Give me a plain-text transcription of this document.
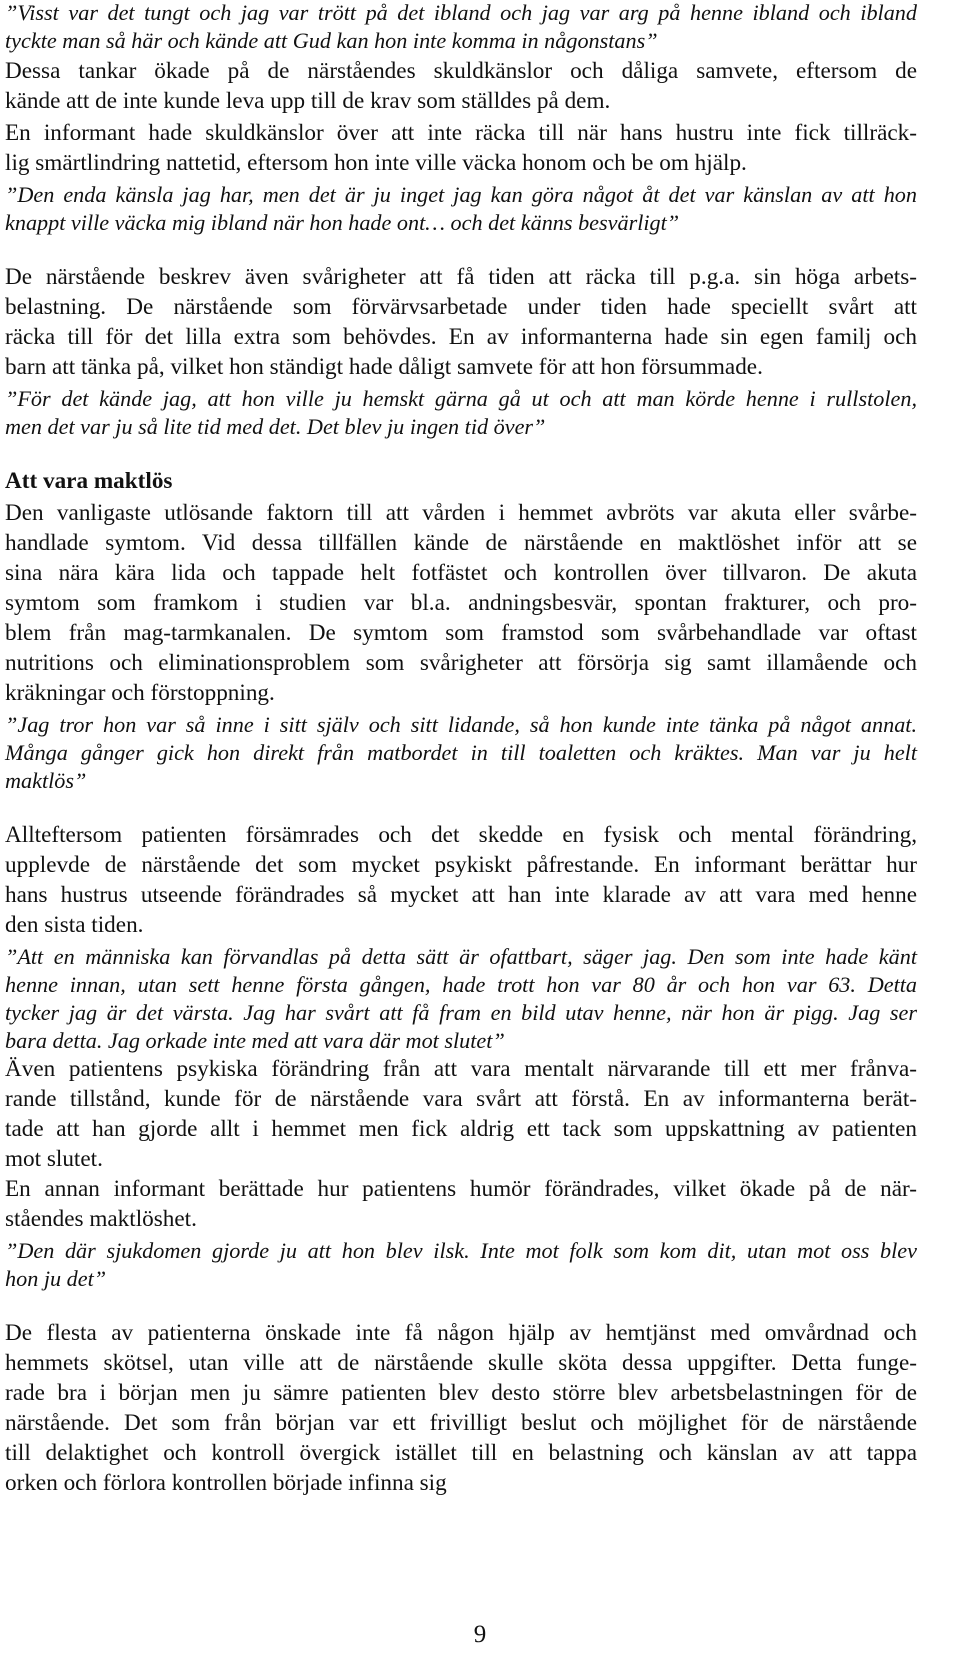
”Visst var det tungt och jag var trött på det ibland och jag var arg på henne ibland och ibland
tyckte man så här och kände att Gud kan hon inte komma in någonstans”
Dessa tankar ökade på de närståendes skuldkänslor och dåliga samvete, eftersom de
kände att de inte kunde leva upp till de krav som ställdes på dem.
En informant hade skuldkänslor över att inte räcka till när hans hustru inte fick tillräck-
lig smärtlindring nattetid, eftersom hon inte ville väcka honom och be om hjälp.
”Den enda känsla jag har, men det är ju inget jag kan göra något åt det var känslan av att hon
knappt ville väcka mig ibland när hon hade ont… och det känns besvärligt”
De närstående beskrev även svårigheter att få tiden att räcka till p.g.a. sin höga arbets-
belastning. De närstående som förvärvsarbetade under tiden hade speciellt svårt att
räcka till för det lilla extra som behövdes. En av informanterna hade sin egen familj och
barn att tänka på, vilket hon ständigt hade dåligt samvete för att hon försummade.
”För det kände jag, att hon ville ju hemskt gärna gå ut och att man körde henne i rullstolen,
men det var ju så lite tid med det. Det blev ju ingen tid över”
Att vara maktlös
Den vanligaste utlösande faktorn till att vården i hemmet avbröts var akuta eller svårbe-
handlade symtom. Vid dessa tillfällen kände de närstående en maktlöshet inför att se
sina nära kära lida och tappade helt fotfästet och kontrollen över tillvaron. De akuta
symtom som framkom i studien var bl.a. andningsbesvär, spontan frakturer, och pro-
blem från mag-tarmkanalen. De symtom som framstod som svårbehandlade var oftast
nutritions och eliminationsproblem som svårigheter att försörja sig samt illamående och
kräkningar och förstoppning.
”Jag tror hon var så inne i sitt själv och sitt lidande, så hon kunde inte tänka på något annat.
Många gånger gick hon direkt från matbordet in till toaletten och kräktes. Man var ju helt
maktlös”
Allteftersom patienten försämrades och det skedde en fysisk och mental förändring,
upplevde de närstående det som mycket psykiskt påfrestande. En informant berättar hur
hans hustrus utseende förändrades så mycket att han inte klarade av att vara med henne
den sista tiden.
”Att en människa kan förvandlas på detta sätt är ofattbart, säger jag. Den som inte hade känt
henne innan, utan sett henne första gången, hade trott hon var 80 år och hon var 63. Detta
tycker jag är det värsta. Jag har svårt att få fram en bild utav henne, när hon är pigg. Jag ser
bara detta. Jag orkade inte med att vara där mot slutet”
Även patientens psykiska förändring från att vara mentalt närvarande till ett mer frånva-
rande tillstånd, kunde för de närstående vara svårt att förstå. En av informanterna berät-
tade att han gjorde allt i hemmet men fick aldrig ett tack som uppskattning av patienten
mot slutet.
En annan informant berättade hur patientens humör förändrades, vilket ökade på de när-
ståendes maktlöshet.
”Den där sjukdomen gjorde ju att hon blev ilsk. Inte mot folk som kom dit, utan mot oss blev
hon ju det”
De flesta av patienterna önskade inte få någon hjälp av hemtjänst med omvårdnad och
hemmets skötsel, utan ville att de närstående skulle sköta dessa uppgifter. Detta funge-
rade bra i början men ju sämre patienten blev desto större blev arbetsbelastningen för de
närstående. Det som från början var ett frivilligt beslut och möjlighet för de närstående
till delaktighet och kontroll övergick istället till en belastning och känslan av att tappa
orken och förlora kontrollen började infinna sig
9
